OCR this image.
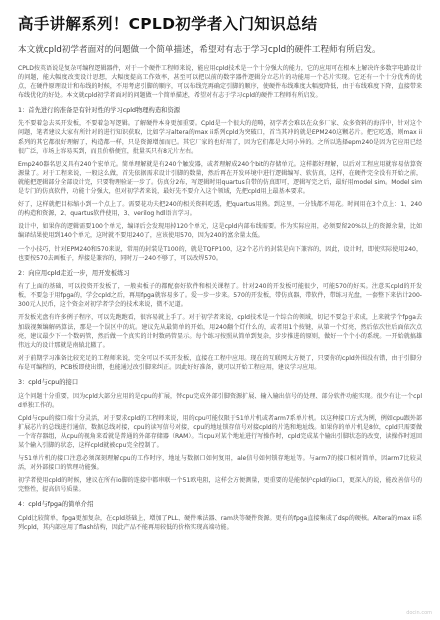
高手讲解系列！CPLD初学者入门知识总结
本文就cpld初学者面对的问题做一个简单描述，希望对有志于学习cpld的硬件工程师有所启发。
CPLD按英语说是复杂可编程逻辑器件，对于一个硬件工程师来说，能应用cpld技术是一个十分强大的能力，它的应用可在根本上解决许多数字电路设计的问题，能大幅度改变设计思想，大幅度提高工作效率，甚至可以把以前的数字器件逻辑分立芯片的功能用一个芯片实现。它还有一个十分优秀的优点，在硬件原理设计和布线的时候，不用考虑引脚的顺序，可以布线完再确定引脚的顺序，使硬件布线难度大幅度降低，由于布线难度下降，直接带来布线优化的好处。本文就cpld初学者面对的问题做一个简单描述，希望对有志于学习cpld的硬件工程师有所启发。
1：首先进行的准备是有针对性的学习cpld物理构造和资源
先不要着急去买开发板，不要着急写逻辑。了解硬件本身更加重要。Cpld是一个很大的范畴，初学者会难以在众多厂家、众多资料的海洋中，针对这个问题，笔者建议大家有所针对的进行知识获取，比如学习altera的max ii系列cpld为突破口，首当其冲的就是EPM240这颗芯片。把它吃透，则max ii系列的其它都很好理解了，构造都一样，只是资源增加而已。其它厂家的也好用了，因为它们都是大同小异的。之所以选择epm240是因为它应用已经很广泛，市场上容易买到，而且价格便宜，批量买只有8元片左右。
Emp240器名思义具有240个宏单元。简单理解就是有240个触发器，或者理解成240个bit的存储单元。这样都好理解，以后对工程应用就容易估算资源量了。对于工程来说，一般这么做，首先依据需求设计引脚的数量，然后再在开发环境中进行逻辑编写、软仿真，这样，在硬件完全没有开始之前，就能把逻辑部分全部设计完，只要物理验证一步了。仿真分2布，写逻辑时用quartus自带的仿真即可，逻辑写完之后，最好用model sim。Model sim是专门的仿真软件，功能十分强大，但对初学者来说，最好先不要介入这个领域，先把cpld用上最基本要求。
好了，这样就把目标缩小到一个点上了。需要花功夫把240的相关资料吃透，把quartus用熟。到这里，一分钱都不用花。时间用在3个点上：1、240的构造和资源，2、quartus软件使用，3、verilog hdl语言学习。
设计中，如果你的逻辑需要100个单元，编译后会发现用掉120个单元，这是cpld内部布线需要。作为实际应用，必须要留20%以上的资源余量，比如编译结果使用到140个单元，这时就不要用240了，应该使用570，因为240的富余量太低。
一个小技巧，针对EPM240和570来说，常用的封装是T100的，就是TQFP100，这2个芯片的封装是向下兼容的，因此，设计时，即使实际使用240，也要按570去画板子，焊接是兼容的，同时万一240不够了，可以改焊570。
2：向应用cpld走近一步，用开发板练习
有了上面的基础，可以投资开发板了，一般卖板子的都配套好软件和相关课程了。针对240的开发板可能很少，可能570的好买。注意买cpld的开发板，不要急于用fpga的，学会cpld之后，再用fpga就容易多了。爱一步一步来。570的开发板，带仿真器，带软件，带练习光盘，一套整下来估计200-300元人民币，这个资金对初学者学会的技术来说，微不足道。
开发板光盘有许多例子程序，可以先跑跑看，很容易就上手了。对于初学者来说，cpld技术是一个综合的领域，切记不要急于求成，上来就学个fpga去加载视频编解码算法，那是一个误区中的坑。建议先从最简单的开始，用240翻个灯什么的，或者用1个按键，从第一个灯亮，然后依次往后面依次点亮，建议最少下一个数码管，然后做一个真实的计时数码管显示。每个练习按照从简单到复杂，步步推进的原则，做好一个个小的系统。一开始就搞雄伟远大的设计那就是南辕北辙了。
对于前期学习准备比较充足的工程师来说，完全可以不买开发板，直接在工程中应用。现在的互联网太方便了，只要你的cpld外围没有错，由于引脚分布是可编程的，PCB板即使出错，也能通过改引脚来纠正。因此好好准备，就可以开始工程应用，建议学习应用。
3：cpld与cpu的接口
这个问题十分重要，因为cpld大部分应用的是cpu的扩展，替cpu完成外部引脚资源扩展、输入输出信号的处理、部分软件功能实现。很少有让一个cpld单独工作的。
Cpld与cpu的接口端十分灵活，对于要求cpld的工程师来说，用的cpu可能仅限于51单片机或者arm7系单片机。以这种接口方式为例，例如cpu跟外部扩展芯片的总线进行通信，数据总线对接，cpu的读写信号对接，cpu的地址锁存信号对接cpld的片选和地址线。如果你的单片机是8位，cpld只需要做一个寄存器组，从cpu的视角来看就是普通的外部存储器（RAM）。当cpu对某个地址进行写操作时，cpld完成某个输出引脚状态的改变，读操作时返回某个输入引脚的状态，这样cpld就被cpu完全控制了。
与51单片机的接口注意必须深刻理解cpu的工作时序，地址与数据口如何复用，ale信号如何锁存地址等。与arm7的接口相对简单，因arm7比较灵活，对外部接口的管理功能强。
初学者使用cpld的时候，建议在所有io脚的连接中都串联一个51欧电阻，这样会方便测量，更重要的是能保护cpld的io口，更深入的说，能改善信号的完整性，提高信号质量。
4：cpld与fpga的简单介绍
Cpld比较简单，fpga更加复杂，在cpld基础上，增加了PLL、硬件乘法器、ram块等硬件资源。更有的fpga直接集成了dsp的硬核。Altera的max ii系列cpld，其内部应用了flash结构，因此产品不能再用较低的价格实现高端功能。
docin.com
